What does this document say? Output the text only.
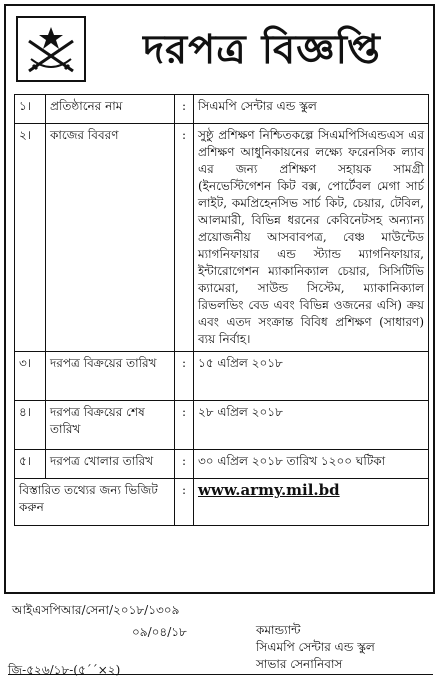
দরপত্র বিজ্ঞপ্তি
১।	প্রতিষ্ঠানের নাম	:	সিএমপি সেন্টার এন্ড স্কুল
২।	কাজের বিবরণ	:	সুষ্ঠু প্রশিক্ষণ নিশ্চিতকল্পে সিএমপিসিএন্ডএস এর প্রশিক্ষণ আধুনিকায়নের লক্ষ্যে ফরেনসিক ল্যাব এর জন্য প্রশিক্ষণ সহায়ক সামগ্রী (ইনভেস্টিগেশন কিট বক্স, পোর্টেবল মেগা সার্চ লাইট, কমপ্রিহেনসিভ সার্চ কিট, চেয়ার, টেবিল, আলমারী, বিভিন্ন ধরনের কেবিনেটসহ অন্যান্য প্রয়োজনীয় আসবাবপত্র, বেঞ্চ মাউন্টেড ম্যাগনিফায়ার এন্ড স্ট্যান্ড ম্যাগনিফায়ার, ইন্টারোগেশন ম্যাকানিক্যাল চেয়ার, সিসিটিভি ক্যামেরা, সাউন্ড সিস্টেম, ম্যাকানিক্যাল রিভলভিং বেড এবং বিভিন্ন ওজনের এসি) ক্রয় এবং এতদ সংক্রান্ত বিবিধ প্রশিক্ষণ (সাধারণ) ব্যয় নির্বাহ।
৩।	দরপত্র বিক্রয়ের তারিখ	:	১৫ এপ্রিল ২০১৮
৪।	দরপত্র বিক্রয়ের শেষ তারিখ	:	২৮ এপ্রিল ২০১৮
৫।	দরপত্র খোলার তারিখ	:	৩০ এপ্রিল ২০১৮ তারিখ ১২০০ ঘটিকা
বিস্তারিত তথ্যের জন্য ভিজিট করুন		:	www.army.mil.bd
আইএসপিআর/সেনা/২০১৮/১৩০৯
০৯/০৪/১৮	কমান্ড্যান্ট
সিএমপি সেন্টার এন্ড স্কুল
সাভার সেনানিবাস
জি-৫২৬/১৮-(৫´´×২)
